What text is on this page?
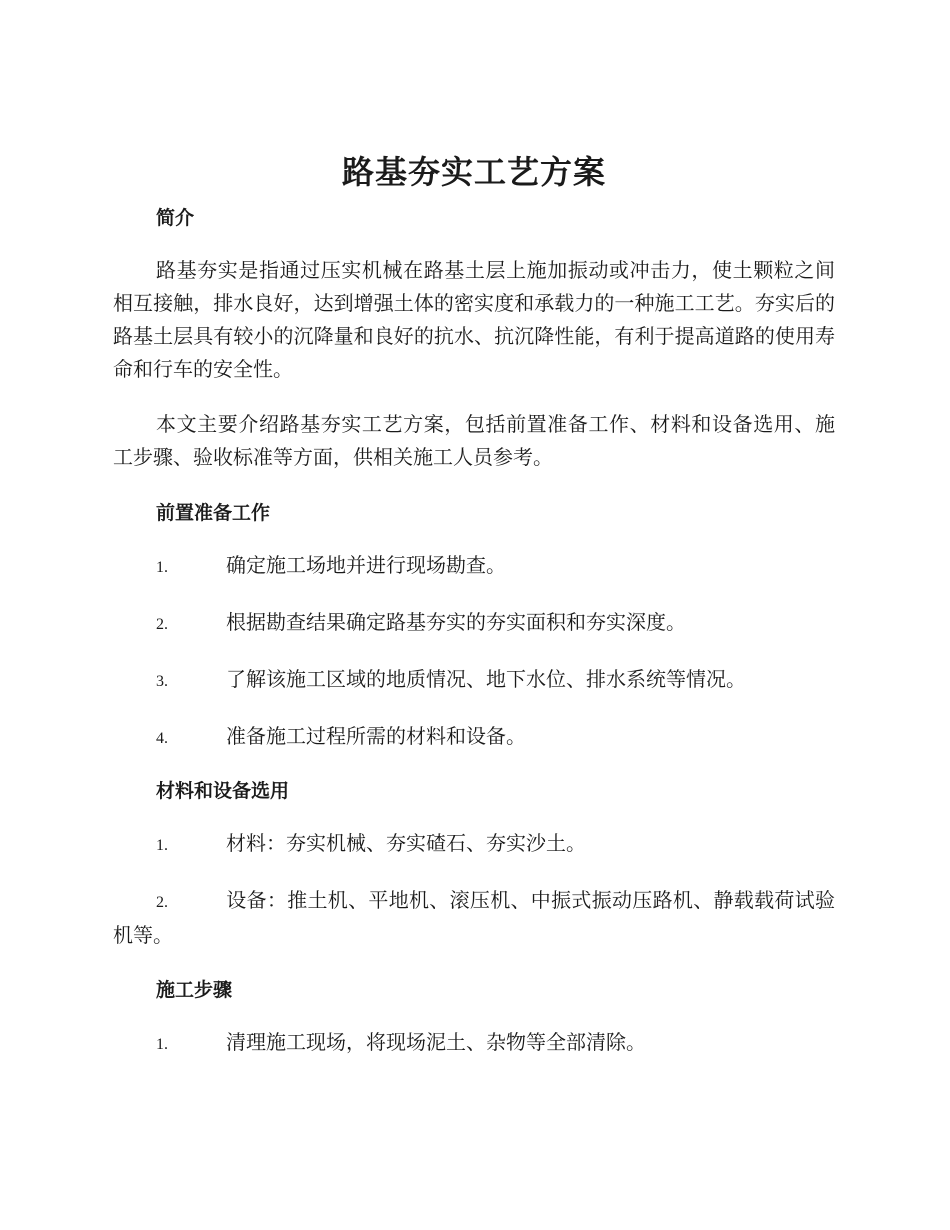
路基夯实工艺方案
简介

路基夯实是指通过压实机械在路基土层上施加振动或冲击力，使土颗粒之间相互接触，排水良好，达到增强土体的密实度和承载力的一种施工工艺。夯实后的路基土层具有较小的沉降量和良好的抗水、抗沉降性能，有利于提高道路的使用寿命和行车的安全性。

本文主要介绍路基夯实工艺方案，包括前置准备工作、材料和设备选用、施工步骤、验收标准等方面，供相关施工人员参考。

前置准备工作

1.	确定施工场地并进行现场勘查。

2.	根据勘查结果确定路基夯实的夯实面积和夯实深度。

3.	了解该施工区域的地质情况、地下水位、排水系统等情况。

4.	准备施工过程所需的材料和设备。

材料和设备选用

1.	材料：夯实机械、夯实碴石、夯实沙土。

2.	设备：推土机、平地机、滚压机、中振式振动压路机、静载载荷试验机等。

施工步骤

1.	清理施工现场，将现场泥土、杂物等全部清除。
